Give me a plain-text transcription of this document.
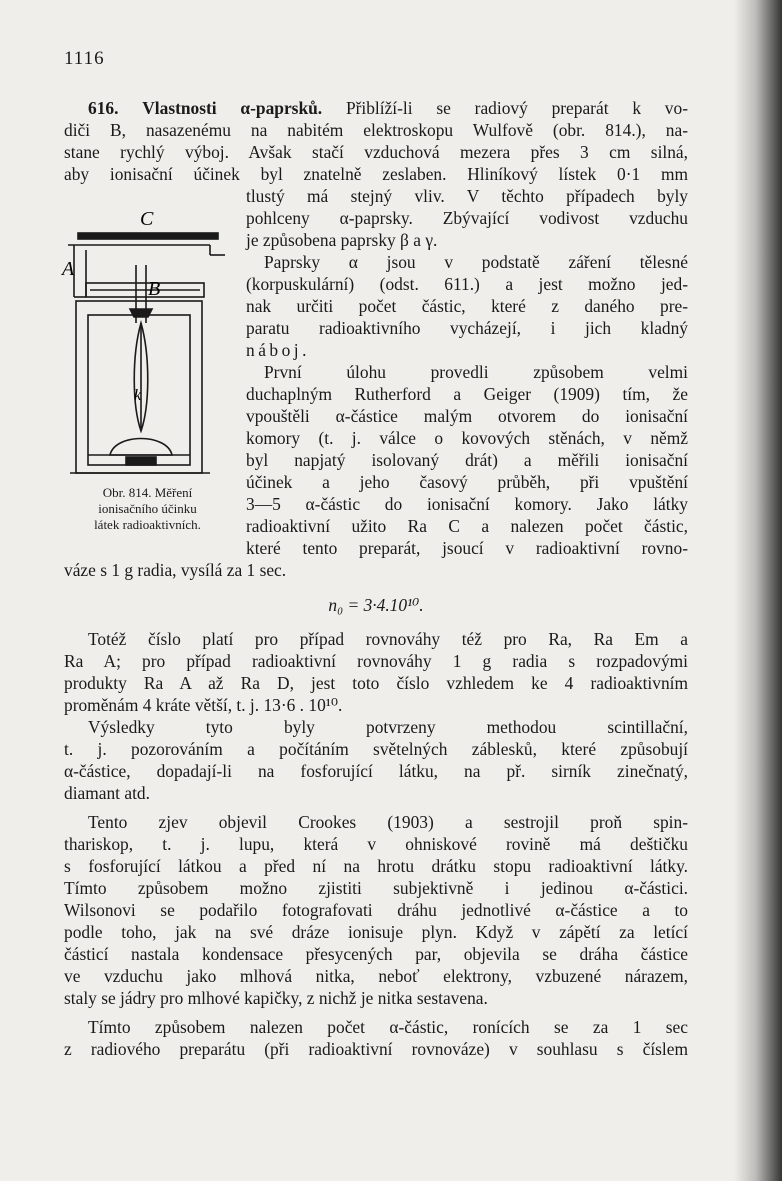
1116
616. Vlastnosti α-paprsků. Přiblíží-li se radiový preparát k vo-
diči B, nasazenému na nabitém elektroskopu Wulfově (obr. 814.), na-
stane rychlý výboj. Avšak stačí vzduchová mezera přes 3 cm silná,
aby ionisační účinek byl znatelně zeslaben. Hliníkový lístek 0·1 mm
C
A
B
k
Obr. 814. Měření
ionisačního účinku
látek radioaktivních.
tlustý má stejný vliv. V těchto případech byly
pohlceny α-paprsky. Zbývající vodivost vzduchu
je způsobena paprsky β a γ.
Paprsky α jsou v podstatě záření tělesné
(korpuskulární) (odst. 611.) a jest možno jed-
nak určiti počet částic, které z daného pre-
paratu radioaktivního vycházejí, i jich kladný
náboj.
První úlohu provedli způsobem velmi
duchaplným Rutherford a Geiger (1909) tím, že
vpouštěli α-částice malým otvorem do ionisační
komory (t. j. válce o kovových stěnách, v němž
byl napjatý isolovaný drát) a měřili ionisační
účinek a jeho časový průběh, při vpuštění
3—5 α-částic do ionisační komory. Jako látky
radioaktivní užito Ra C a nalezen počet částic,
které tento preparát, jsoucí v radioaktivní rovno-
váze s 1 g radia, vysílá za 1 sec.
n₀ = 3·4.10¹⁰.
Totéž číslo platí pro případ rovnováhy též pro Ra, Ra Em a
Ra A; pro případ radioaktivní rovnováhy 1 g radia s rozpadovými
produkty Ra A až Ra D, jest toto číslo vzhledem ke 4 radioaktivním
proměnám 4 kráte větší, t. j. 13·6 . 10¹⁰.
Výsledky tyto byly potvrzeny methodou scintillační,
t. j. pozorováním a počítáním světelných záblesků, které způsobují
α-částice, dopadají-li na fosforující látku, na př. sirník zinečnatý,
diamant atd.
Tento zjev objevil Crookes (1903) a sestrojil proň spin-
thariskop, t. j. lupu, která v ohniskové rovině má deštičku
s fosforující látkou a před ní na hrotu drátku stopu radioaktivní látky.
Tímto způsobem možno zjistiti subjektivně i jedinou α-částici.
Wilsonovi se podařilo fotografovati dráhu jednotlivé α-částice a to
podle toho, jak na své dráze ionisuje plyn. Když v zápětí za letící
částicí nastala kondensace přesycených par, objevila se dráha částice
ve vzduchu jako mlhová nitka, neboť elektrony, vzbuzené nárazem,
staly se jádry pro mlhové kapičky, z nichž je nitka sestavena.
Tímto způsobem nalezen počet α-částic, ronících se za 1 sec
z radiového preparátu (při radioaktivní rovnováze) v souhlasu s číslem
